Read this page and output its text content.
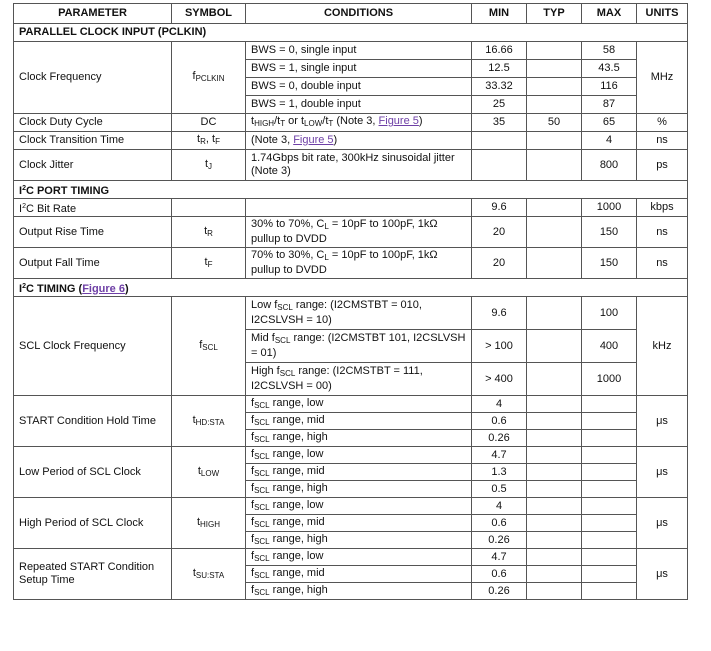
PARAMETER	SYMBOL	CONDITIONS	MIN	TYP	MAX	UNITS
PARALLEL CLOCK INPUT (PCLKIN)						
Clock Frequency	$f_{PCLKIN}$	BWS = 0, single input	16.66		58	MHz
		BWS = 1, single input	12.5		43.5	
		BWS = 0, double input	33.32		116	
		BWS = 1, double input	25		87	
Clock Duty Cycle	DC	$t_{HIGH}/t_T$ or $t_{LOW}/t_T$ (Note 3, Figure 5)	35	50	65	%
Clock Transition Time	$t_R$, $t_F$	(Note 3, Figure 5)			4	ns
Clock Jitter	$t_J$	1.74Gbps bit rate, 300kHz sinusoidal jitter (Note 3)			800	ps
$I^2C$ PORT TIMING						
$I^2C$ Bit Rate			9.6		1000	kbps
Output Rise Time	$t_R$	30% to 70%, $C_L = 10pF$ to 100pF, 1kΩ pullup to DVDD	20		150	ns
Output Fall Time	$t_F$	70% to 30%, $C_L = 10pF$ to 100pF, 1kΩ pullup to DVDD	20		150	ns
$I^2C$ TIMING (Figure 6)						
SCL Clock Frequency	$f_{SCL}$	Low $f_{SCL}$ range: (I2CMSTBT = 010, I2CSLVSH = 10)	9.6		100	kHz
		Mid $f_{SCL}$ range: (I2CMSTBT 101, I2CSLVSH = 01)	> 100		400	
		High $f_{SCL}$ range: (I2CMSTBT = 111, I2CSLVSH = 00)	> 400		1000	
START Condition Hold Time	$t_{HD:STA}$	$f_{SCL}$ range, low	4			μs
		$f_{SCL}$ range, mid	0.6			
		$f_{SCL}$ range, high	0.26			
Low Period of SCL Clock	$t_{LOW}$	$f_{SCL}$ range, low	4.7			μs
		$f_{SCL}$ range, mid	1.3			
		$f_{SCL}$ range, high	0.5			
High Period of SCL Clock	$t_{HIGH}$	$f_{SCL}$ range, low	4			μs
		$f_{SCL}$ range, mid	0.6			
		$f_{SCL}$ range, high	0.26			
Repeated START Condition Setup Time	$t_{SU:STA}$	$f_{SCL}$ range, low	4.7			μs
		$f_{SCL}$ range, mid	0.6			
		$f_{SCL}$ range, high	0.26			
